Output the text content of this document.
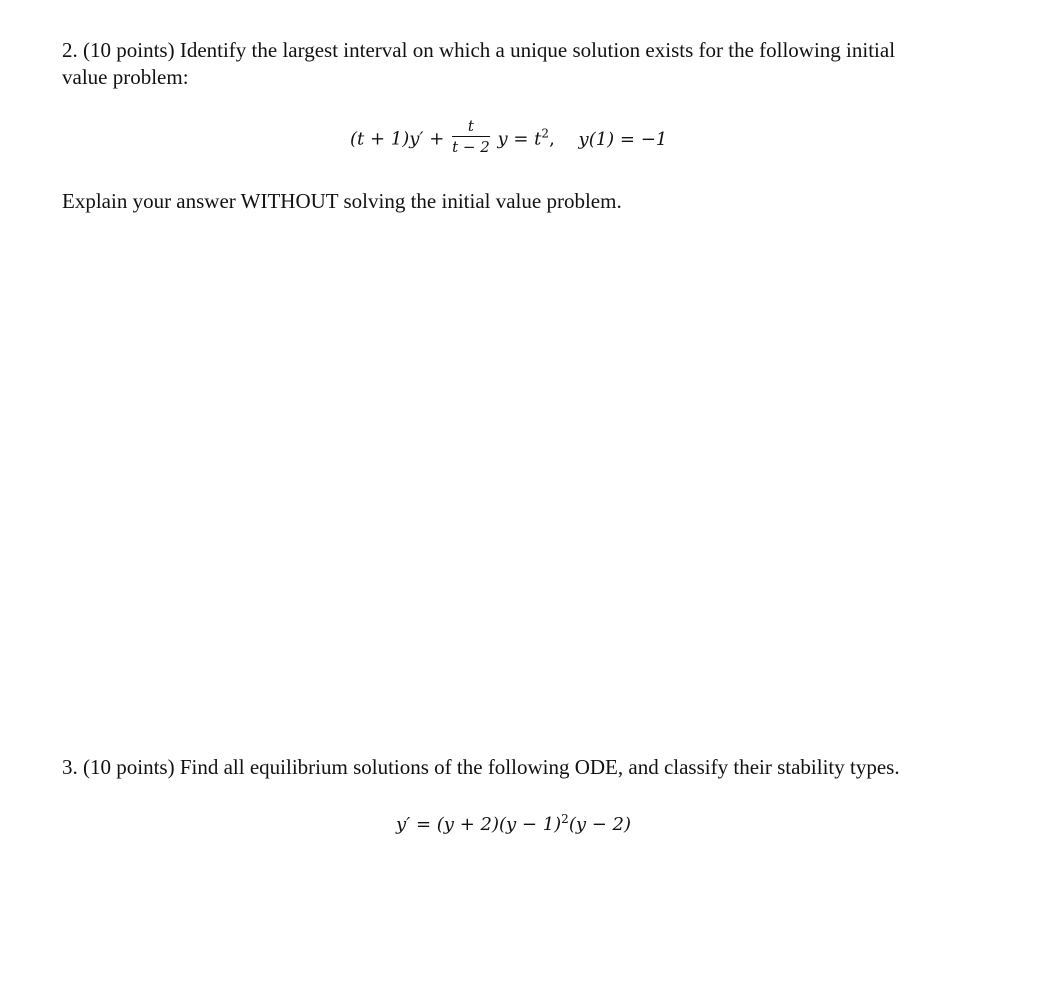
2. (10 points) Identify the largest interval on which a unique solution exists for the following initial
value problem:
$(t + 1)y' + \frac{t}{t - 2}$ $y = t^2$, y(1) = −1
Explain your answer WITHOUT solving the initial value problem.
3. (10 points) Find all equilibrium solutions of the following ODE, and classify their stability types.
$y' = (y + 2)(y - 1)^2(y - 2)$
